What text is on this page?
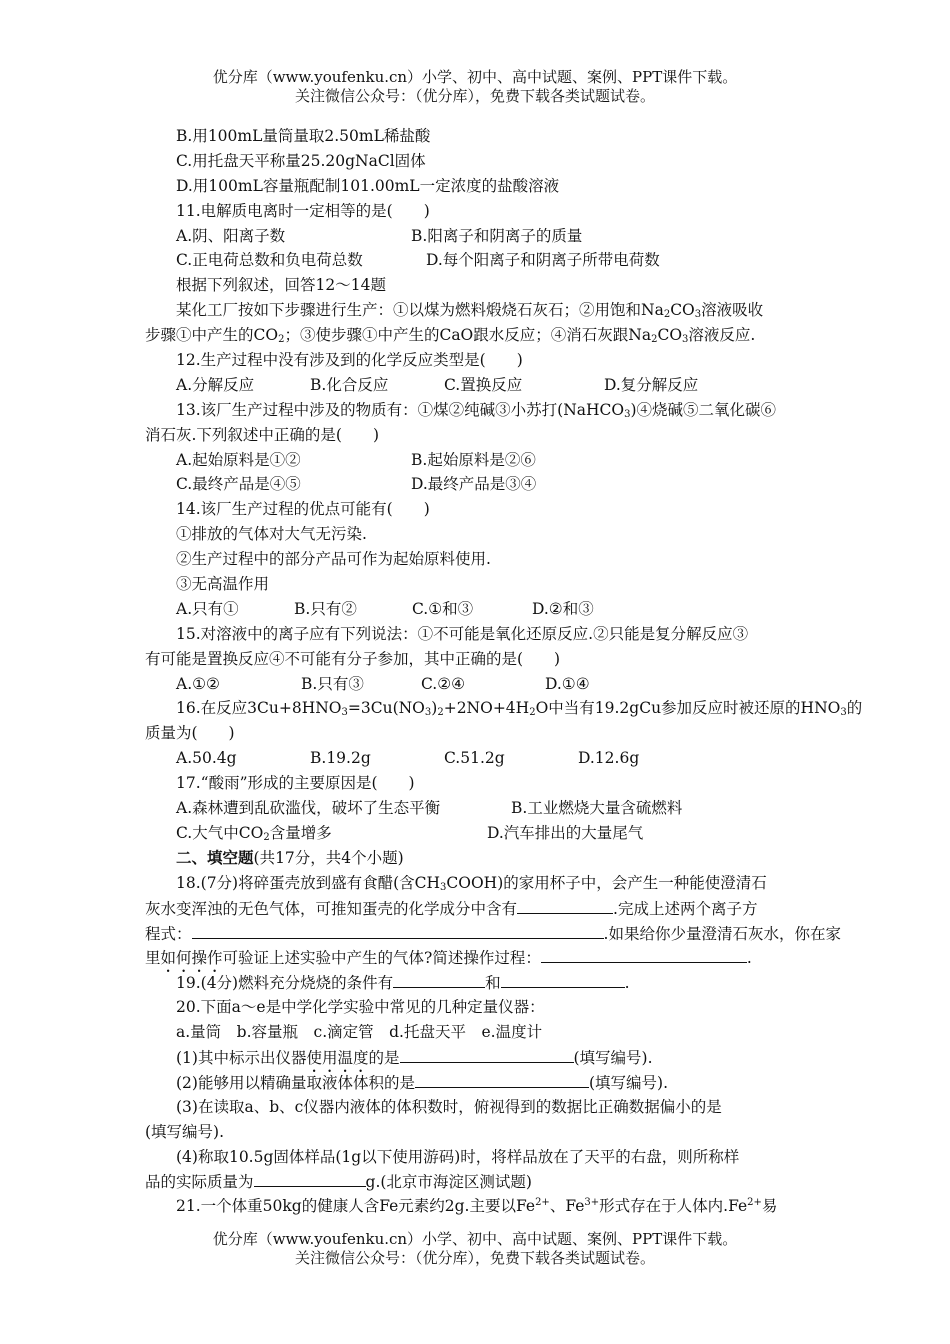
优分库（www.youfenku.cn）小学、初中、高中试题、案例、PPT课件下载。
关注微信公众号：（优分库），免费下载各类试题试卷。
B.用100mL量筒量取2.50mL稀盐酸
C.用托盘天平称量25.20gNaCl固体
D.用100mL容量瓶配制101.00mL一定浓度的盐酸溶液
11.电解质电离时一定相等的是(　　)
A.阴、阳离子数	B.阳离子和阴离子的质量
C.正电荷总数和负电荷总数	D.每个阳离子和阴离子所带电荷数
根据下列叙述，回答12～14题
某化工厂按如下步骤进行生产：①以煤为燃料煅烧石灰石；②用饱和$Na_2CO_3$溶液吸收
步骤①中产生的$CO_2$；③使步骤①中产生的CaO跟水反应；④消石灰跟$Na_2CO_3$溶液反应.
12.生产过程中没有涉及到的化学反应类型是(　　)
A.分解反应	B.化合反应	C.置换反应	D.复分解反应
13.该厂生产过程中涉及的物质有：①煤②纯碱③小苏打(NaHCO$_3$)④烧碱⑤二氧化碳⑥
消石灰.下列叙述中正确的是(　　)
A.起始原料是①②	B.起始原料是②⑥
C.最终产品是④⑤	D.最终产品是③④
14.该厂生产过程的优点可能有(　　)
①排放的气体对大气无污染.
②生产过程中的部分产品可作为起始原料使用.
③无高温作用
A.只有①	B.只有②	C.①和③	D.②和③
15.对溶液中的离子应有下列说法：①不可能是氧化还原反应.②只能是复分解反应③
有可能是置换反应④不可能有分子参加，其中正确的是(　　)
A.①②	B.只有③	C.②④	D.①④
16.在反应$3Cu+8HNO_3=3Cu(NO_3)_2+2NO+4H_2O$中当有19.2gCu参加反应时被还原的$HNO_3$的
质量为(　　)
A.50.4g	B.19.2g	C.51.2g	D.12.6g
17.“酸雨”形成的主要原因是(　　)
A.森林遭到乱砍滥伐，破坏了生态平衡	B.工业燃烧大量含硫燃料
C.大气中$CO_2$含量增多	D.汽车排出的大量尾气
二、填空题(共17分，共4个小题)
18.(7分)将碎蛋壳放到盛有食醋(含$CH_3COOH$)的家用杯子中，会产生一种能使澄清石
灰水变浑浊的无色气体，可推知蛋壳的化学成分中含有	.完成上述两个离子方
程式：	.如果给你少量澄清石灰水，你在家
里如何操作可验证上述实验中产生的气体?简述操作过程：	.
19.(4分)燃料充分烧烧的条件有	和	.
20.下面a～e是中学化学实验中常见的几种定量仪器：
a.量筒　b.容量瓶　c.滴定管　d.托盘天平　e.温度计
(1)其中标示出仪器使用温度的是	(填写编号).
(2)能够用以精确量取液体体积的是	(填写编号).
(3)在读取a、b、c仪器内液体的体积数时，俯视得到的数据比正确数据偏小的是
(填写编号).
(4)称取10.5g固体样品(1g以下使用游码)时，将样品放在了天平的右盘，则所称样
品的实际质量为	g.(北京市海淀区测试题)
21.一个体重50kg的健康人含Fe元素约2g.主要以$Fe^{2+}$、$Fe^{3+}$形式存在于人体内$.Fe^{2+}$易
优分库（www.youfenku.cn）小学、初中、高中试题、案例、PPT课件下载。
关注微信公众号：（优分库），免费下载各类试题试卷。
